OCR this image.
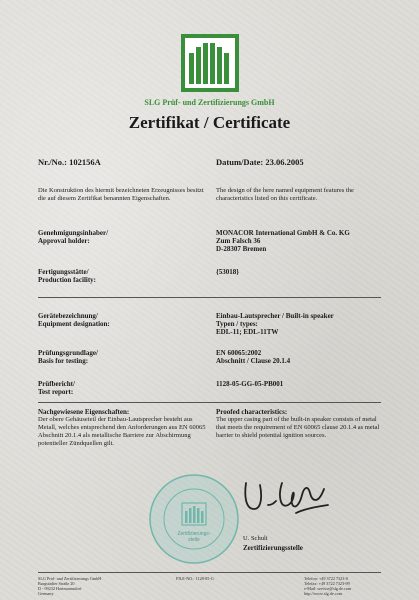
SLG Prüf- und Zertifizierungs GmbH
Zertifikat / Certificate
Nr./No.: 102156A	Datum/Date: 23.06.2005
Die Konstruktion des hiermit bezeichneten Erzeugnisses besitzt die auf diesem Zertifikat benannten Eigenschaften.
The design of the here named equipment features the characteristics listed on this certificate.
Genehmigungsinhaber/
Approval holder:
MONACOR International GmbH & Co. KG
Zum Falsch 36
D-28307 Bremen
Fertigungsstätte/
Production facility:
{53018}
Gerätebezeichnung/
Equipment designation:
Einbau-Lautsprecher / Built-in speaker
Typen / types:
EDL-11; EDL-11TW
Prüfungsgrundlage/
Basis for testing:
EN 60065:2002
Abschnitt / Clause 20.1.4
Prüfbericht/
Test report:
1128-05-GG-05-PB001
Nachgewiesene Eigenschaften:
Der obere Gehäuseteil der Einbau-Lautsprecher besteht aus Metall, welches entsprechend den Anforderungen aus EN 60065 Abschnitt 20.1.4 als metallische Barriere zur Abschirmung potentieller Zündquellen gilt.
Proofed characteristics:
The upper casing part of the built-in speaker consists of metal that meets the requirement of EN 60065 clause 20.1.4 as metal barrier to shield potential ignition sources.
Zertifizierungs-
stelle	U. Schult
Zertifizierungsstelle
SLG Prüf- und Zertifizierungs GmbH
Burgstädter Straße 20
D - 09232 Hartmannsdorf
Germany
FILE-NO.: 1128-05-G	Telefon: +49 3722 7323-0
Telefax: +49 3722 7323-99
e-Mail: service@slg.de.com
http://www.slg.de.com
